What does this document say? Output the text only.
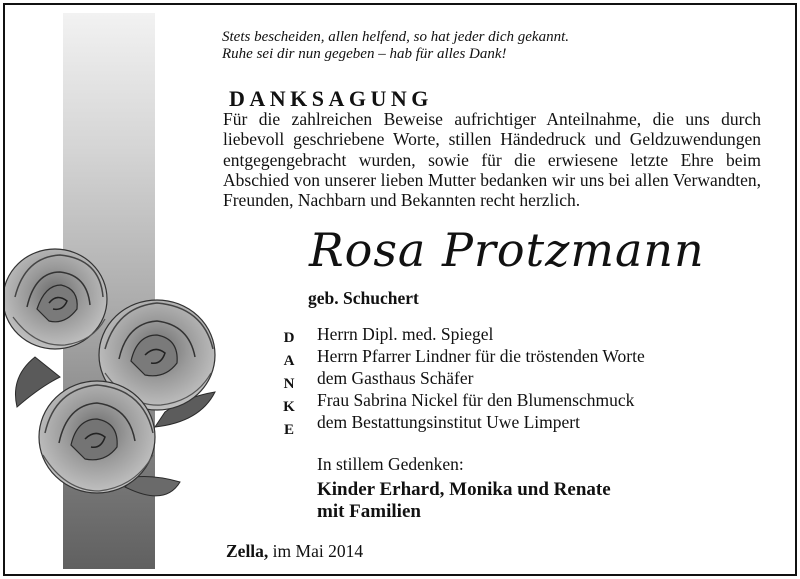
Stets bescheiden, allen helfend, so hat jeder dich gekannt.
Ruhe sei dir nun gegeben – hab für alles Dank!
DANKSAGUNG
Für die zahlreichen Beweise aufrichtiger Anteilnahme, die uns durch liebevoll geschriebene Worte, stillen Händedruck und Geldzuwendungen entgegengebracht wurden, sowie für die erwiesene letzte Ehre beim Abschied von unserer lieben Mutter bedanken wir uns bei allen Verwandten, Freunden, Nachbarn und Bekannten recht herzlich.
Rosa Protzmann
geb. Schuchert
D
A
N
K
E
Herrn Dipl. med. Spiegel
Herrn Pfarrer Lindner für die tröstenden Worte
dem Gasthaus Schäfer
Frau Sabrina Nickel für den Blumenschmuck
dem Bestattungsinstitut Uwe Limpert
In stillem Gedenken:
Kinder Erhard, Monika und Renate
mit Familien
Zella, im Mai 2014
